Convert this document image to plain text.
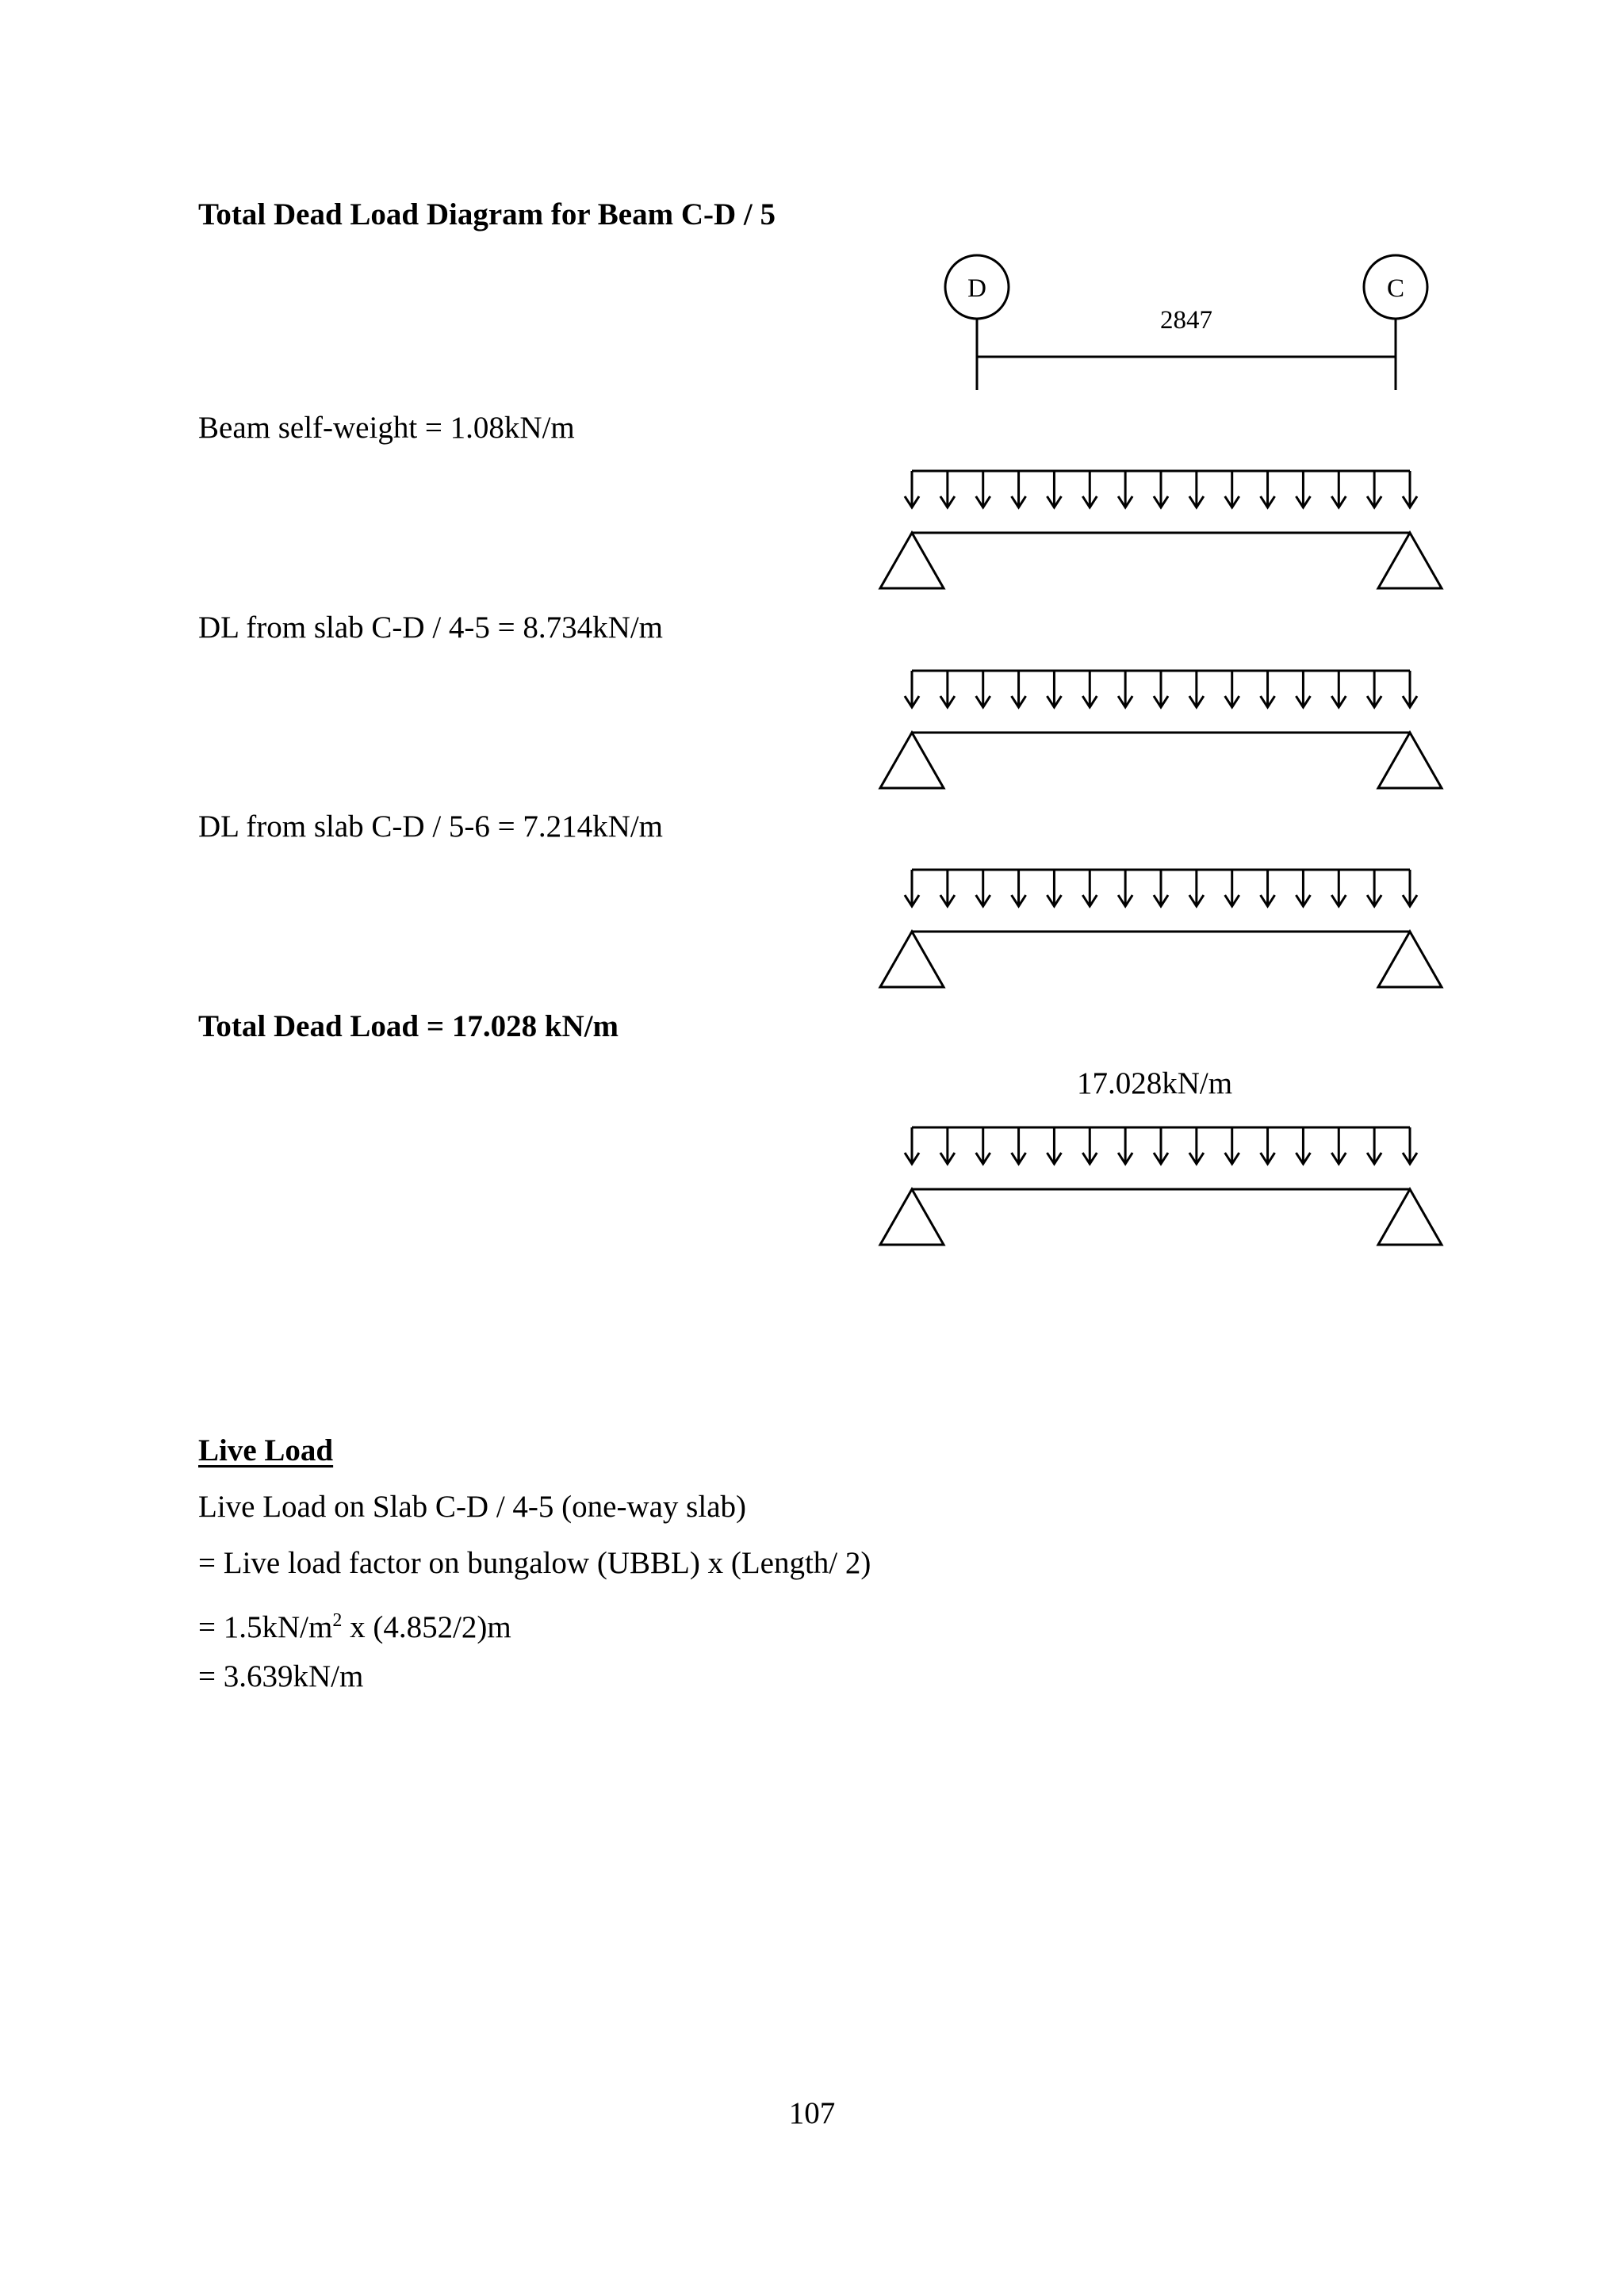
Total Dead Load Diagram for Beam C-D / 5
D	C
2847
Beam self-weight = 1.08kN/m
DL from slab C-D / 4-5 = 8.734kN/m
DL from slab C-D / 5-6 = 7.214kN/m
Total Dead Load = 17.028 kN/m
17.028kN/m
Live Load
Live Load on Slab C-D / 4-5 (one-way slab)
= Live load factor on bungalow (UBBL) x (Length/ 2)
= $1.5kN/m^2$ x (4.852/2)m
= 3.639kN/m
107
